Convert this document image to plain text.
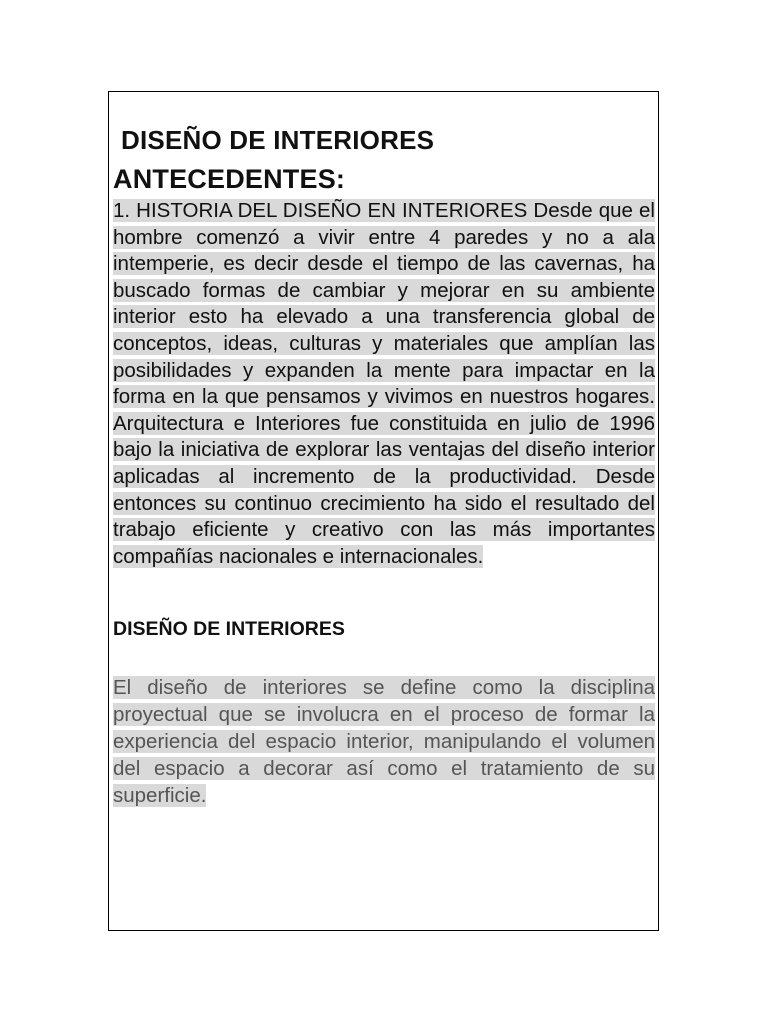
DISEÑO DE INTERIORES
ANTECEDENTES:

1. HISTORIA DEL DISEÑO EN INTERIORES Desde que el hombre comenzó a vivir entre 4 paredes y no a ala intemperie, es decir desde el tiempo de las cavernas, ha buscado formas de cambiar y mejorar en su ambiente interior esto ha elevado a una transferencia global de conceptos, ideas, culturas y materiales que amplían las posibilidades y expanden la mente para impactar en la forma en la que pensamos y vivimos en nuestros hogares. Arquitectura e Interiores fue constituida en julio de 1996 bajo la iniciativa de explorar las ventajas del diseño interior aplicadas al incremento de la productividad. Desde entonces su continuo crecimiento ha sido el resultado del trabajo eficiente y creativo con las más importantes compañías nacionales e internacionales.

DISEÑO DE INTERIORES

El diseño de interiores se define como la disciplina proyectual que se involucra en el proceso de formar la experiencia del espacio interior, manipulando el volumen del espacio a decorar así como el tratamiento de su superficie.
